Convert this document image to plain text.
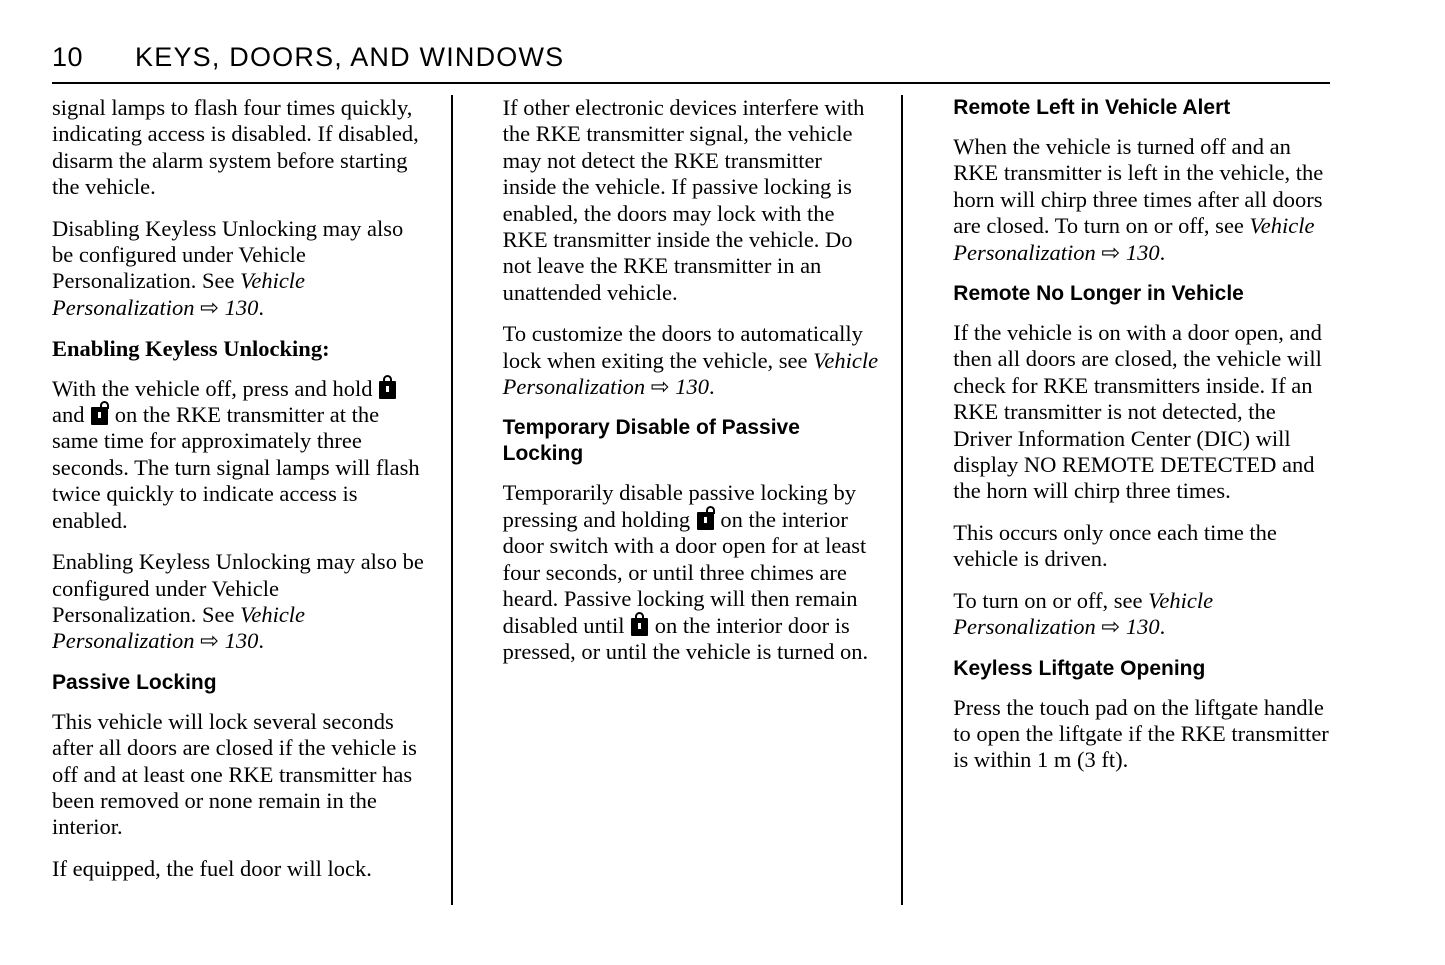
10 KEYS, DOORS, AND WINDOWS

signal lamps to flash four times quickly, indicating access is disabled. If disabled, disarm the alarm system before starting the vehicle.

Disabling Keyless Unlocking may also be configured under Vehicle Personalization. See Vehicle Personalization ⇨ 130.

Enabling Keyless Unlocking:

With the vehicle off, press and hold  and  on the RKE transmitter at the same time for approximately three seconds. The turn signal lamps will flash twice quickly to indicate access is enabled.

Enabling Keyless Unlocking may also be configured under Vehicle Personalization. See Vehicle Personalization ⇨ 130.

Passive Locking

This vehicle will lock several seconds after all doors are closed if the vehicle is off and at least one RKE transmitter has been removed or none remain in the interior.

If equipped, the fuel door will lock.

If other electronic devices interfere with the RKE transmitter signal, the vehicle may not detect the RKE transmitter inside the vehicle. If passive locking is enabled, the doors may lock with the RKE transmitter inside the vehicle. Do not leave the RKE transmitter in an unattended vehicle.

To customize the doors to automatically lock when exiting the vehicle, see Vehicle Personalization ⇨ 130.

Temporary Disable of Passive Locking

Temporarily disable passive locking by pressing and holding  on the interior door switch with a door open for at least four seconds, or until three chimes are heard. Passive locking will then remain disabled until  on the interior door is pressed, or until the vehicle is turned on.

Remote Left in Vehicle Alert

When the vehicle is turned off and an RKE transmitter is left in the vehicle, the horn will chirp three times after all doors are closed. To turn on or off, see Vehicle Personalization ⇨ 130.

Remote No Longer in Vehicle

If the vehicle is on with a door open, and then all doors are closed, the vehicle will check for RKE transmitters inside. If an RKE transmitter is not detected, the Driver Information Center (DIC) will display NO REMOTE DETECTED and the horn will chirp three times.

This occurs only once each time the vehicle is driven.

To turn on or off, see Vehicle Personalization ⇨ 130.

Keyless Liftgate Opening

Press the touch pad on the liftgate handle to open the liftgate if the RKE transmitter is within 1 m (3 ft).
